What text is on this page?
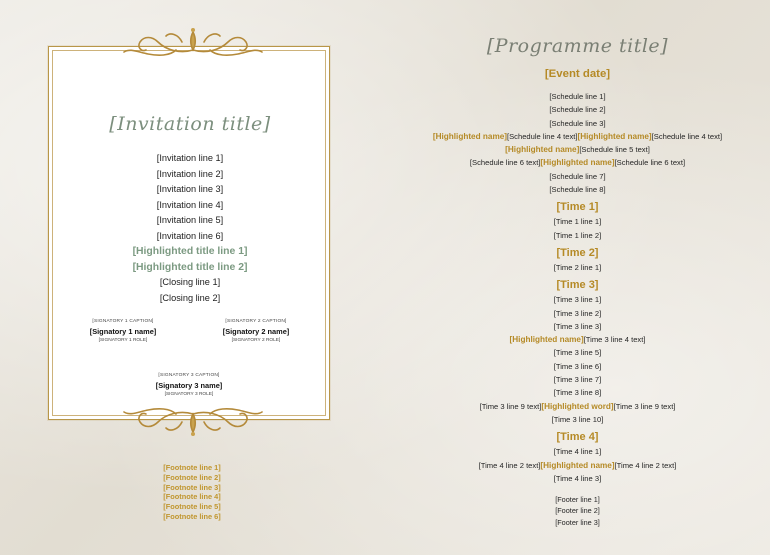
[Invitation title]
[Invitation line 1]
[Invitation line 2]
[Invitation line 3]
[Invitation line 4]
[Invitation line 5]
[Invitation line 6]
[Highlighted title line 1]
[Highlighted title line 2]
[Closing line 1]
[Closing line 2]
[SIGNATORY 1 CAPTION]
[Signatory 1 name]
[SIGNATORY 1 ROLE]
[SIGNATORY 2 CAPTION]
[Signatory 2 name]
[SIGNATORY 2 ROLE]
[SIGNATORY 3 CAPTION]
[Signatory 3 name]
[SIGNATORY 3 ROLE]
[Footnote line 1]
[Footnote line 2]
[Footnote line 3]
[Footnote line 4]
[Footnote line 5]
[Footnote line 6]
[Programme title]
[Event date]
[Schedule line 1]
[Schedule line 2]
[Schedule line 3]
[Highlighted name][Schedule line 4 text][Highlighted name][Schedule line 4 text]
[Highlighted name][Schedule line 5 text]
[Schedule line 6 text][Highlighted name][Schedule line 6 text]
[Schedule line 7]
[Schedule line 8]
[Time 1]
[Time 1 line 1]
[Time 1 line 2]
[Time 2]
[Time 2 line 1]
[Time 3]
[Time 3 line 1]
[Time 3 line 2]
[Time 3 line 3]
[Highlighted name][Time 3 line 4 text]
[Time 3 line 5]
[Time 3 line 6]
[Time 3 line 7]
[Time 3 line 8]
[Time 3 line 9 text][Highlighted word][Time 3 line 9 text]
[Time 3 line 10]
[Time 4]
[Time 4 line 1]
[Time 4 line 2 text][Highlighted name][Time 4 line 2 text]
[Time 4 line 3]
[Footer line 1]
[Footer line 2]
[Footer line 3]
